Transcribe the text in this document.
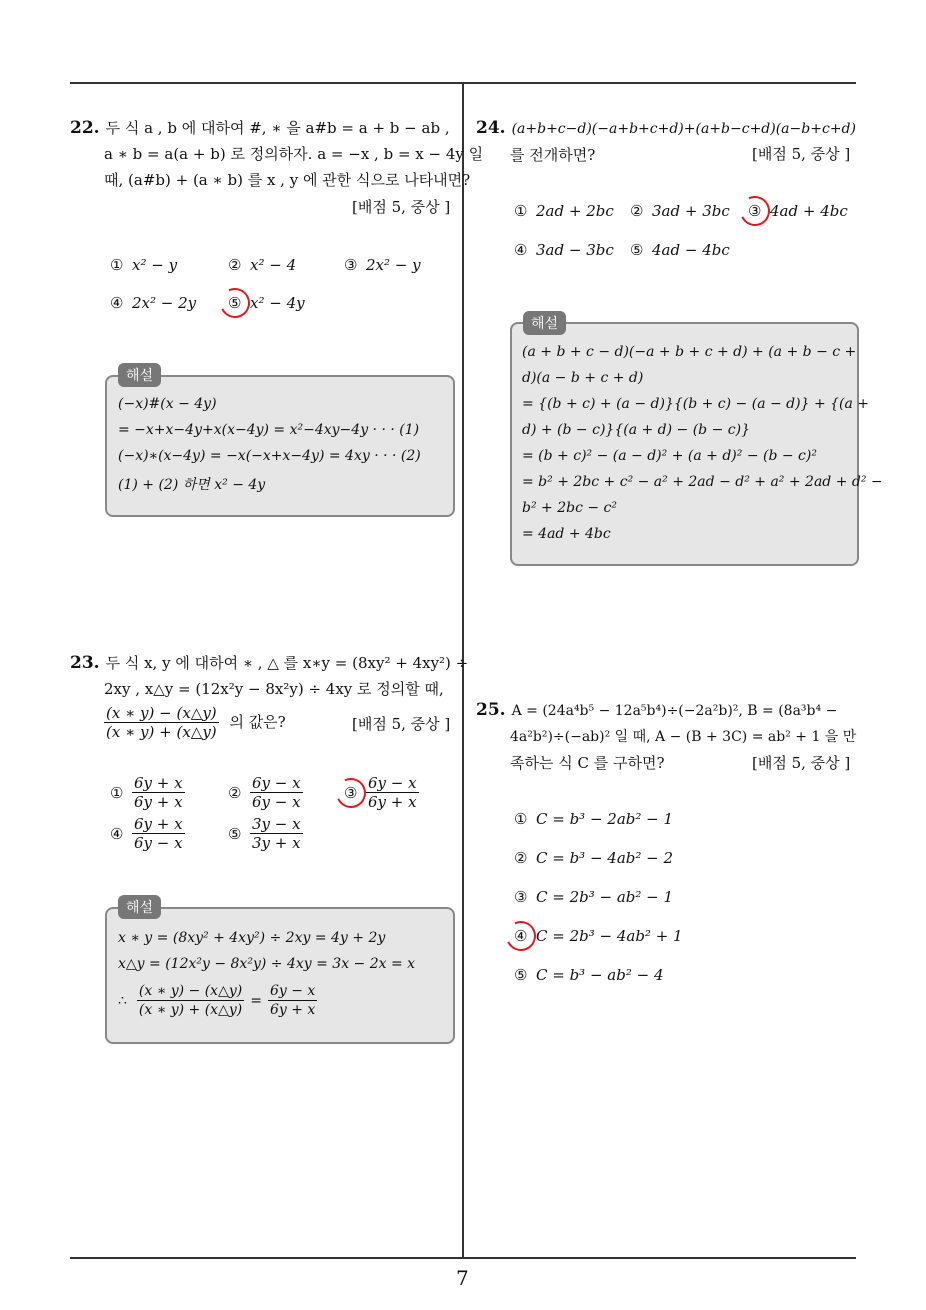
22. 두 식 a , b 에 대하여 #, ∗ 을 a#b = a + b − ab ,
a ∗ b = a(a + b) 로 정의하자. a = −x , b = x − 4y 일
때, (a#b) + (a ∗ b) 를 x , y 에 관한 식으로 나타내면?
[배점 5, 중상 ]
① x² − y	② x² − 4	③ 2x² − y
④ 2x² − 2y ⑤ x² − 4y
해설
(−x)#(x − 4y)
= −x+x−4y+x(x−4y) = x²−4xy−4y · · · (1)
(−x)∗(x−4y) = −x(−x+x−4y) = 4xy · · · (2)
(1) + (2) 하면 x² − 4y
23. 두 식 x, y 에 대하여 ∗ , △ 를 x∗y = (8xy² + 4xy²) ÷
2xy , x△y = (12x²y − 8x²y) ÷ 4xy 로 정의할 때,
$\frac{(x ∗ y) - (x\triangle y)}{(x ∗ y) + (x\triangle y)}$ 의 값은?	[배점 5, 중상 ]
① $\frac{6y + x}{6y + x}$	② $\frac{6y - x}{6y - x}$	③ $\frac{6y - x}{6y + x}$
④ $\frac{6y + x}{6y - x}$	⑤ $\frac{3y - x}{3y + x}$
해설
x ∗ y = (8xy² + 4xy²) ÷ 2xy = 4y + 2y
x△y = (12x²y − 8x²y) ÷ 4xy = 3x − 2x = x
∴ $\frac{(x ∗ y) - (x\triangle y)}{(x ∗ y) + (x\triangle y)} = \frac{6y - x}{6y + x}$
24. (a+b+c−d)(−a+b+c+d)+(a+b−c+d)(a−b+c+d)
를 전개하면?	[배점 5, 중상 ]
① 2ad + 2bc ② 3ad + 3bc ③ 4ad + 4bc
④ 3ad − 3bc ⑤ 4ad − 4bc
해설
(a + b + c − d)(−a + b + c + d) + (a + b − c +
d)(a − b + c + d)
= {(b + c) + (a − d)}{(b + c) − (a − d)} + {(a +
d) + (b − c)}{(a + d) − (b − c)}
= (b + c)² − (a − d)² + (a + d)² − (b − c)²
= b² + 2bc + c² − a² + 2ad − d² + a² + 2ad + d² −
b² + 2bc − c²
= 4ad + 4bc
25. A = (24a⁴b⁵ − 12a⁵b⁴)÷(−2a²b)², B = (8a³b⁴ −
4a²b²)÷(−ab)² 일 때, A − (B + 3C) = ab² + 1 을 만
족하는 식 C 를 구하면?	[배점 5, 중상 ]
① C = b³ − 2ab² − 1
② C = b³ − 4ab² − 2
③ C = 2b³ − ab² − 1
④ C = 2b³ − 4ab² + 1
⑤ C = b³ − ab² − 4
7
